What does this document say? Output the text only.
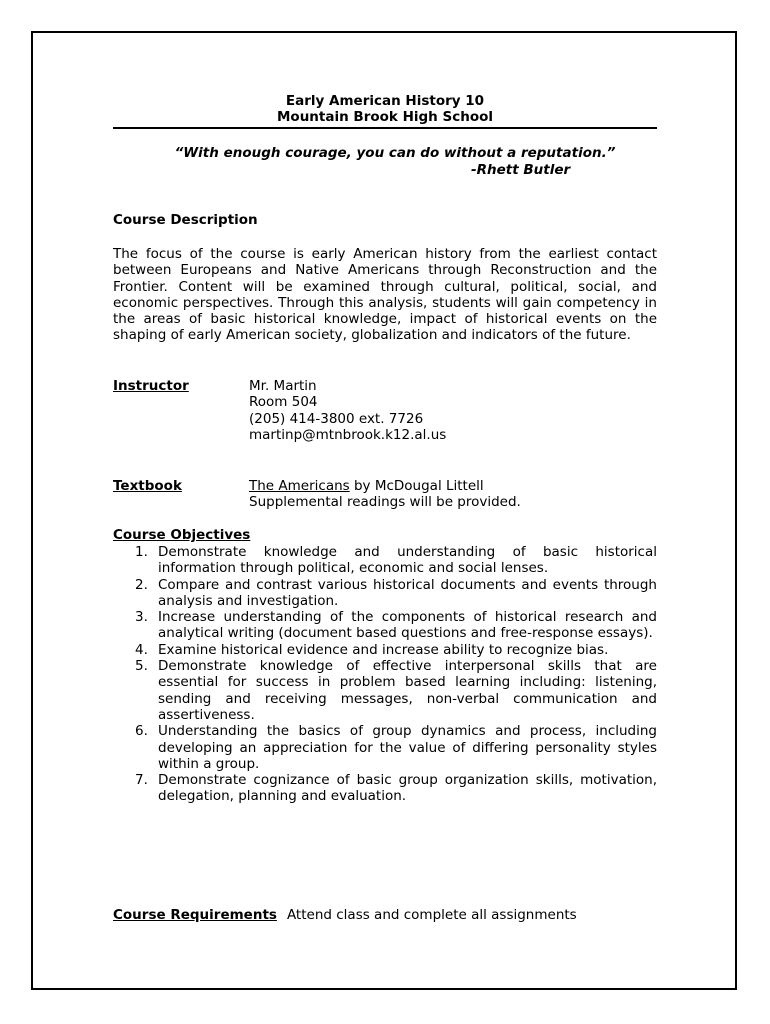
Early American History 10
Mountain Brook High School
“With enough courage, you can do without a reputation.”
-Rhett Butler
Course Description
The focus of the course is early American history from the earliest contact between Europeans and Native Americans through Reconstruction and the Frontier. Content will be examined through cultural, political, social, and economic perspectives. Through this analysis, students will gain competency in the areas of basic historical knowledge, impact of historical events on the shaping of early American society, globalization and indicators of the future.
Instructor	Mr. Martin
Room 504
(205) 414-3800 ext. 7726
martinp@mtnbrook.k12.al.us
Textbook	The Americans by McDougal Littell
Supplemental readings will be provided.
Course Objectives
1. Demonstrate knowledge and understanding of basic historical information through political, economic and social lenses.
2. Compare and contrast various historical documents and events through analysis and investigation.
3. Increase understanding of the components of historical research and analytical writing (document based questions and free-response essays).
4. Examine historical evidence and increase ability to recognize bias.
5. Demonstrate knowledge of effective interpersonal skills that are essential for success in problem based learning including: listening, sending and receiving messages, non-verbal communication and assertiveness.
6. Understanding the basics of group dynamics and process, including developing an appreciation for the value of differing personality styles within a group.
7. Demonstrate cognizance of basic group organization skills, motivation, delegation, planning and evaluation.
Course Requirements Attend class and complete all assignments
